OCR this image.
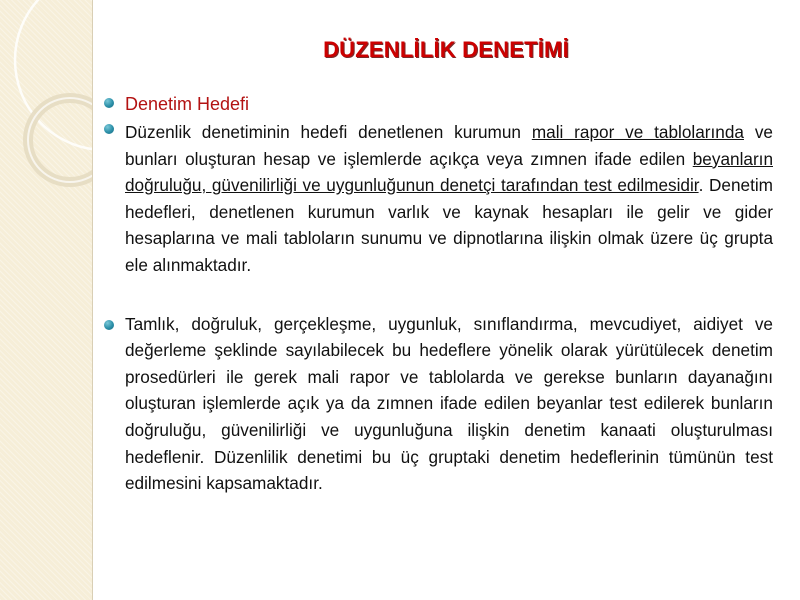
DÜZENLİLİK DENETİMİ
Denetim Hedefi
Düzenlik denetiminin hedefi denetlenen kurumun mali rapor ve tablolarında ve bunları oluşturan hesap ve işlemlerde açıkça veya zımnen ifade edilen beyanların doğruluğu, güvenilirliği ve uygunluğunun denetçi tarafından test edilmesidir. Denetim hedefleri, denetlenen kurumun varlık ve kaynak hesapları ile gelir ve gider hesaplarına ve mali tabloların sunumu ve dipnotlarına ilişkin olmak üzere üç grupta ele alınmaktadır.
Tamlık, doğruluk, gerçekleşme, uygunluk, sınıflandırma, mevcudiyet, aidiyet ve değerleme şeklinde sayılabilecek bu hedeflere yönelik olarak yürütülecek denetim prosedürleri ile gerek mali rapor ve tablolarda ve gerekse bunların dayanağını oluşturan işlemlerde açık ya da zımnen ifade edilen beyanlar test edilerek bunların doğruluğu, güvenilirliği ve uygunluğuna ilişkin denetim kanaati oluşturulması hedeflenir. Düzenlilik denetimi bu üç gruptaki denetim hedeflerinin tümünün test edilmesini kapsamaktadır.
